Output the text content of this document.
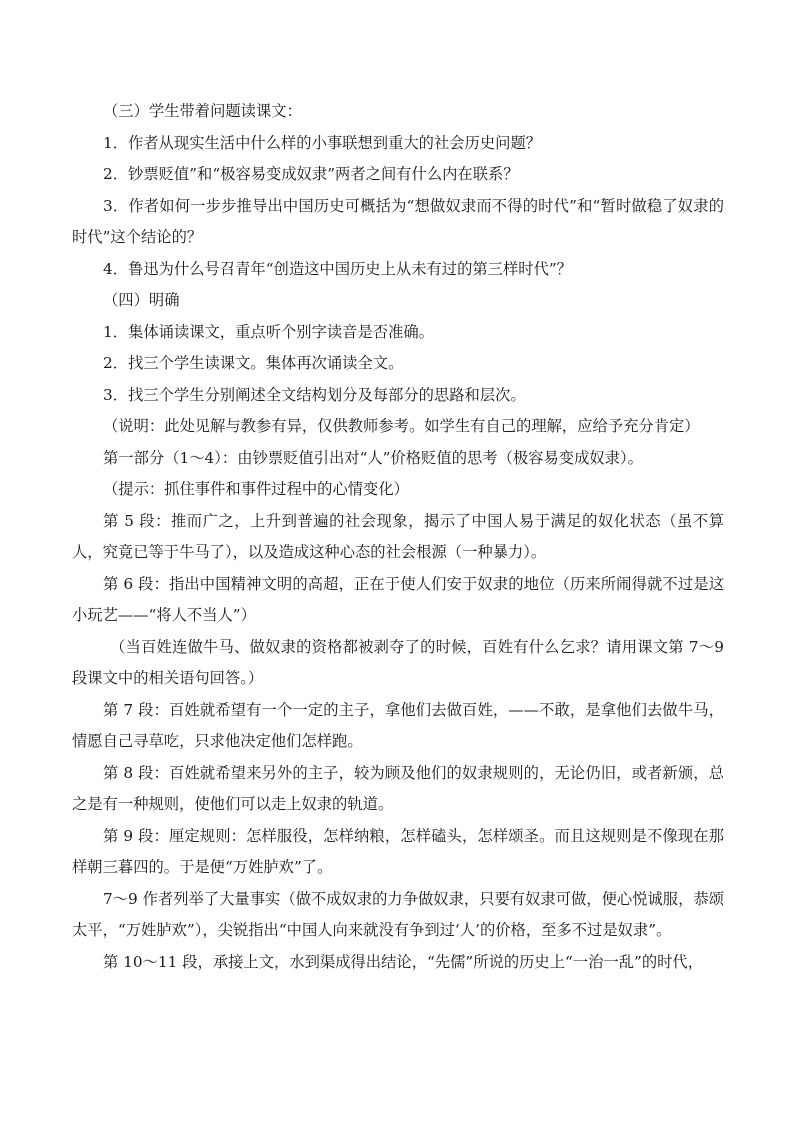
（三）学生带着问题读课文：

1．作者从现实生活中什么样的小事联想到重大的社会历史问题？

2．钞票贬值”和“极容易变成奴隶”两者之间有什么内在联系？

3．作者如何一步步推导出中国历史可概括为“想做奴隶而不得的时代”和“暂时做稳了奴隶的时代”这个结论的？

4．鲁迅为什么号召青年“创造这中国历史上从未有过的第三样时代”？

（四）明确

1．集体诵读课文，重点听个别字读音是否准确。

2．找三个学生读课文。集体再次诵读全文。

3．找三个学生分别阐述全文结构划分及每部分的思路和层次。

（说明：此处见解与教参有异，仅供教师参考。如学生有自己的理解，应给予充分肯定）

第一部分（1～4）：由钞票贬值引出对“人”价格贬值的思考（极容易变成奴隶）。

（提示：抓住事件和事件过程中的心情变化）

第 5 段：推而广之，上升到普遍的社会现象，揭示了中国人易于满足的奴化状态（虽不算人，究竟已等于牛马了），以及造成这种心态的社会根源（一种暴力）。

第 6 段：指出中国精神文明的高超，正在于使人们安于奴隶的地位（历来所闹得就不过是这小玩艺——“将人不当人”）

（当百姓连做牛马、做奴隶的资格都被剥夺了的时候，百姓有什么乞求？请用课文第 7～9 段课文中的相关语句回答。）

第 7 段：百姓就希望有一个一定的主子，拿他们去做百姓，——不敢，是拿他们去做牛马，情愿自己寻草吃，只求他决定他们怎样跑。

第 8 段：百姓就希望来另外的主子，较为顾及他们的奴隶规则的，无论仍旧，或者新颁，总之是有一种规则，使他们可以走上奴隶的轨道。

第 9 段：厘定规则：怎样服役，怎样纳粮，怎样磕头，怎样颂圣。而且这规则是不像现在那样朝三暮四的。于是便“万姓胪欢”了。

7～9 作者列举了大量事实（做不成奴隶的力争做奴隶，只要有奴隶可做，便心悦诚服，恭颂太平，“万姓胪欢”），尖锐指出“中国人向来就没有争到过‘人’的价格，至多不过是奴隶”。

第 10～11 段，承接上文，水到渠成得出结论，“先儒”所说的历史上“一治一乱”的时代，
